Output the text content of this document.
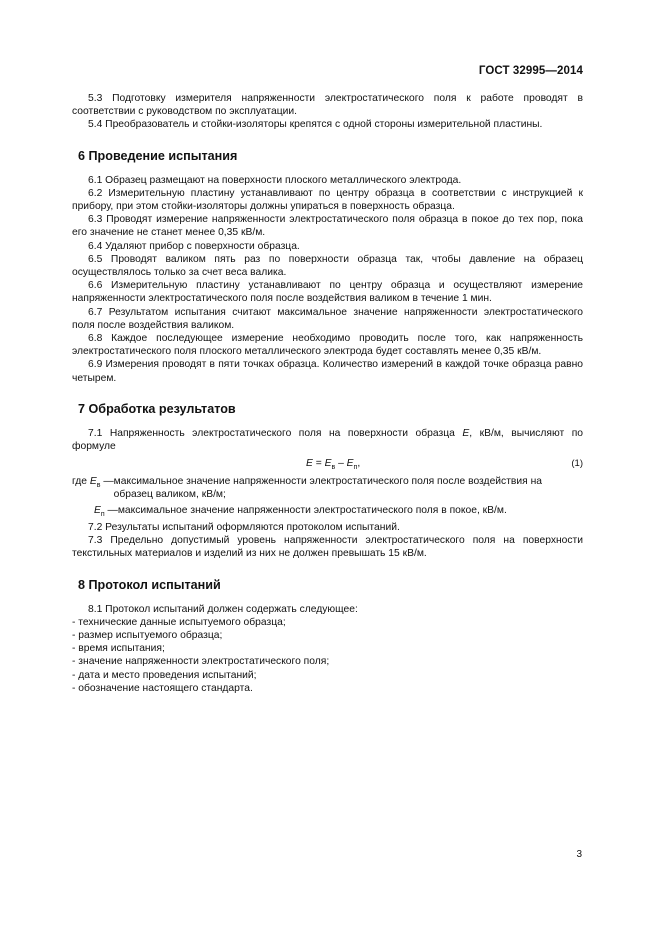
ГОСТ 32995—2014

5.3 Подготовку измерителя напряженности электростатического поля к работе проводят в соответствии с руководством по эксплуатации.

5.4 Преобразователь и стойки-изоляторы крепятся с одной стороны измерительной пластины.

6 Проведение испытания

6.1 Образец размещают на поверхности плоского металлического электрода.

6.2 Измерительную пластину устанавливают по центру образца в соответствии с инструкцией к прибору, при этом стойки-изоляторы должны упираться в поверхность образца.

6.3 Проводят измерение напряженности электростатического поля образца в покое до тех пор, пока его значение не станет менее 0,35 кВ/м.

6.4 Удаляют прибор с поверхности образца.

6.5 Проводят валиком пять раз по поверхности образца так, чтобы давление на образец осуществлялось только за счет веса валика.

6.6 Измерительную пластину устанавливают по центру образца и осуществляют измерение напряженности электростатического поля после воздействия валиком в течение 1 мин.

6.7 Результатом испытания считают максимальное значение напряженности электростатического поля после воздействия валиком.

6.8 Каждое последующее измерение необходимо проводить после того, как напряженность электростатического поля плоского металлического электрода будет составлять менее 0,35 кВ/м.

6.9 Измерения проводят в пяти точках образца. Количество измерений в каждой точке образца равно четырем.

7 Обработка результатов

7.1 Напряженность электростатического поля на поверхности образца E, кВ/м, вычисляют по формуле

$E = E_в - E_п$,	(1)
где $E_в$ — максимальное значение напряженности электростатического поля после воздействия на образец валиком, кВ/м;
$E_п$ — максимальное значение напряженности электростатического поля в покое, кВ/м.

7.2 Результаты испытаний оформляются протоколом испытаний.

7.3 Предельно допустимый уровень напряженности электростатического поля на поверхности текстильных материалов и изделий из них не должен превышать 15 кВ/м.

8 Протокол испытаний

8.1 Протокол испытаний должен содержать следующее:

- технические данные испытуемого образца;
- размер испытуемого образца;
- время испытания;
- значение напряженности электростатического поля;
- дата и место проведения испытаний;
- обозначение настоящего стандарта.
3
